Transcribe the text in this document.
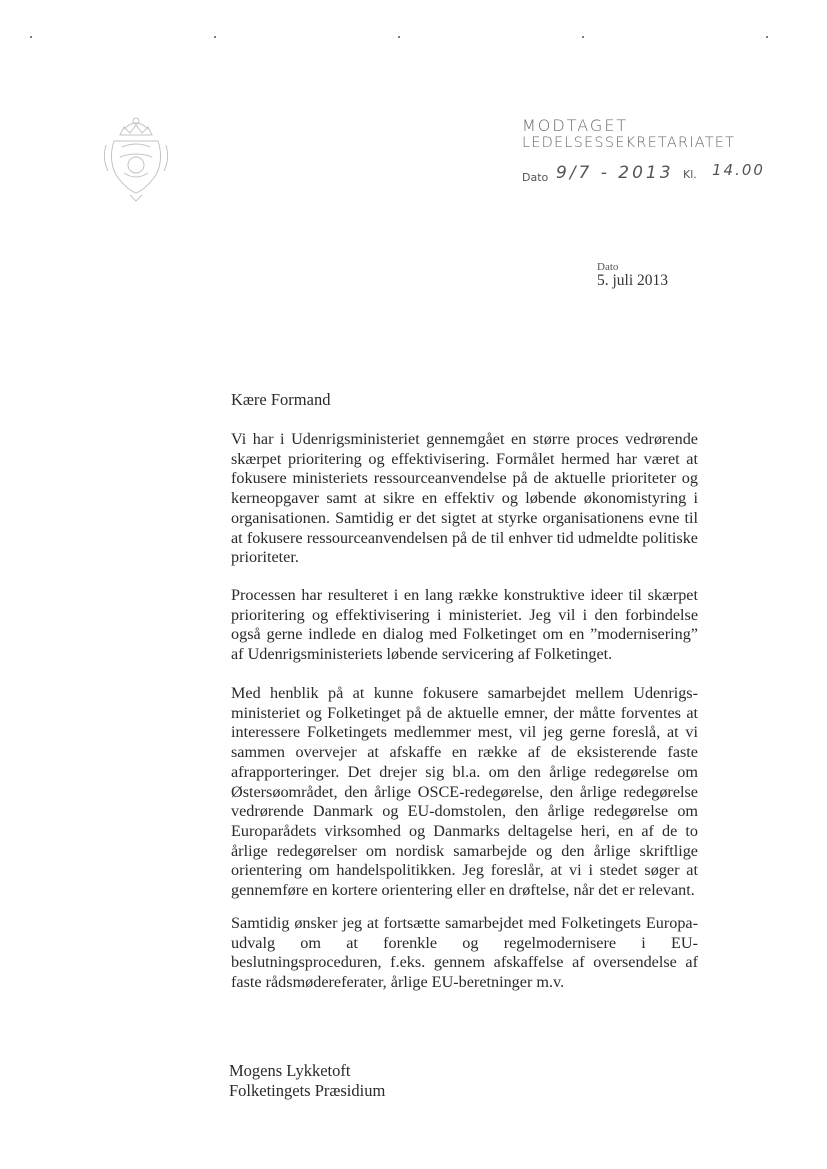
MODTAGET
LEDELSESSEKRETARIATET
Dato 9/7 - 2013 Kl. 14.00
Dato
5. juli 2013
Kære Formand

Vi har i Udenrigsministeriet gennemgået en større proces vedrørende skærpet prioritering og effektivisering. Formålet hermed har været at fokusere ministeriets ressourceanvendelse på de aktuelle prioriteter og kerneopgaver samt at sikre en effektiv og løbende økonomistyring i organisationen. Samtidig er det sigtet at styrke organisationens evne til at fokusere ressourceanvendelsen på de til enhver tid udmeldte politiske prioriteter.

Processen har resulteret i en lang række konstruktive ideer til skærpet prioritering og effektivisering i ministeriet. Jeg vil i den forbindelse også gerne indlede en dialog med Folketinget om en ”modernisering” af Udenrigsministeriets løbende servicering af Folketinget.

Med henblik på at kunne fokusere samarbejdet mellem Udenrigsministeriet og Folketinget på de aktuelle emner, der måtte forventes at interessere Folketingets medlemmer mest, vil jeg gerne foreslå, at vi sammen overvejer at afskaffe en række af de eksisterende faste afrapporteringer. Det drejer sig bl.a. om den årlige redegørelse om Østersøområdet, den årlige OSCE-redegørelse, den årlige redegørelse vedrørende Danmark og EU-domstolen, den årlige redegørelse om Europarådets virksomhed og Danmarks deltagelse heri, en af de to årlige redegørelser om nordisk samarbejde og den årlige skriftlige orientering om handelspolitikken. Jeg foreslår, at vi i stedet søger at gennemføre en kortere orientering eller en drøftelse, når det er relevant.

Samtidig ønsker jeg at fortsætte samarbejdet med Folketingets Europaudvalg om at forenkle og regelmodernisere i EU-beslutningsproceduren, f.eks. gennem afskaffelse af oversendelse af faste rådsmødereferater, årlige EU-beretninger m.v.

Mogens Lykketoft
Folketingets Præsidium
